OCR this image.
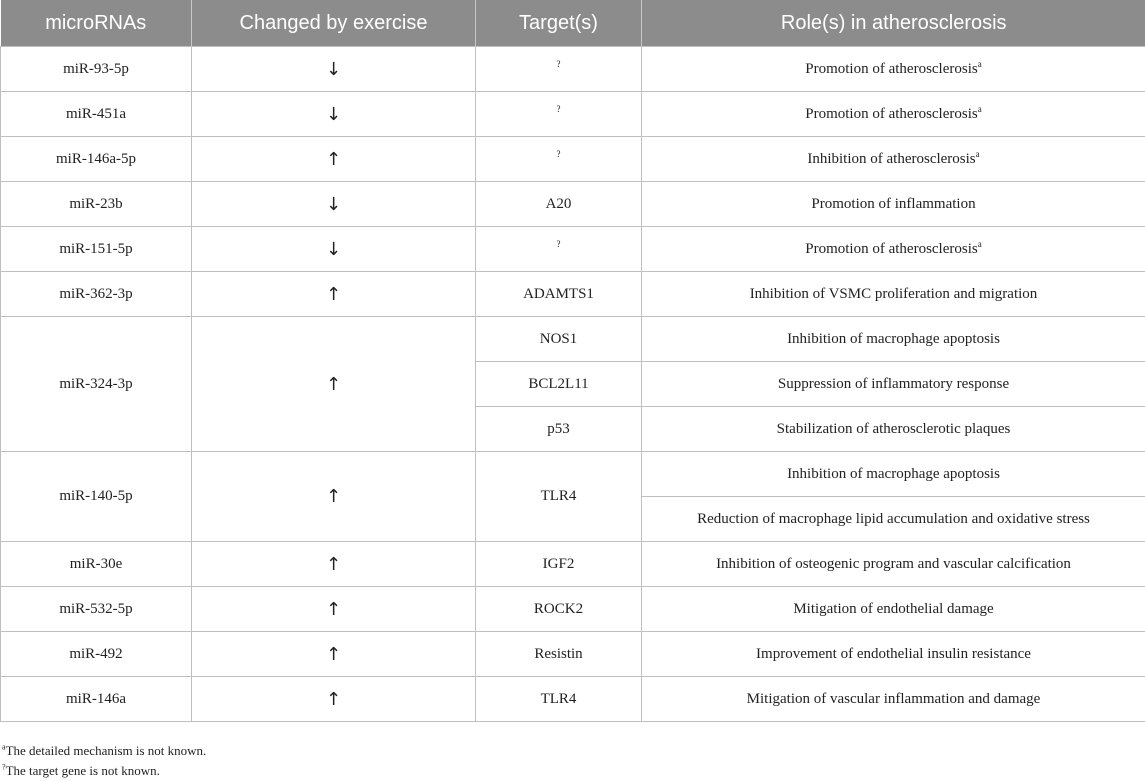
microRNAs	Changed by exercise	Target(s)	Role(s) in atherosclerosis
miR-93-5p	↓	?	Promotion of atherosclerosis$^a$
miR-451a	↓	?	Promotion of atherosclerosis$^a$
miR-146a-5p	↑	?	Inhibition of atherosclerosis$^a$
miR-23b	↓	A20	Promotion of inflammation
miR-151-5p	↓	?	Promotion of atherosclerosis$^a$
miR-362-3p	↑	ADAMTS1	Inhibition of VSMC proliferation and migration
miR-324-3p	↑	NOS1	Inhibition of macrophage apoptosis
		BCL2L11	Suppression of inflammatory response
		p53	Stabilization of atherosclerotic plaques
miR-140-5p	↑	TLR4	Inhibition of macrophage apoptosis
			Reduction of macrophage lipid accumulation and oxidative stress
miR-30e	↑	IGF2	Inhibition of osteogenic program and vascular calcification
miR-532-5p	↑	ROCK2	Mitigation of endothelial damage
miR-492	↑	Resistin	Improvement of endothelial insulin resistance
miR-146a	↑	TLR4	Mitigation of vascular inflammation and damage
$^a$The detailed mechanism is not known.
?The target gene is not known.
